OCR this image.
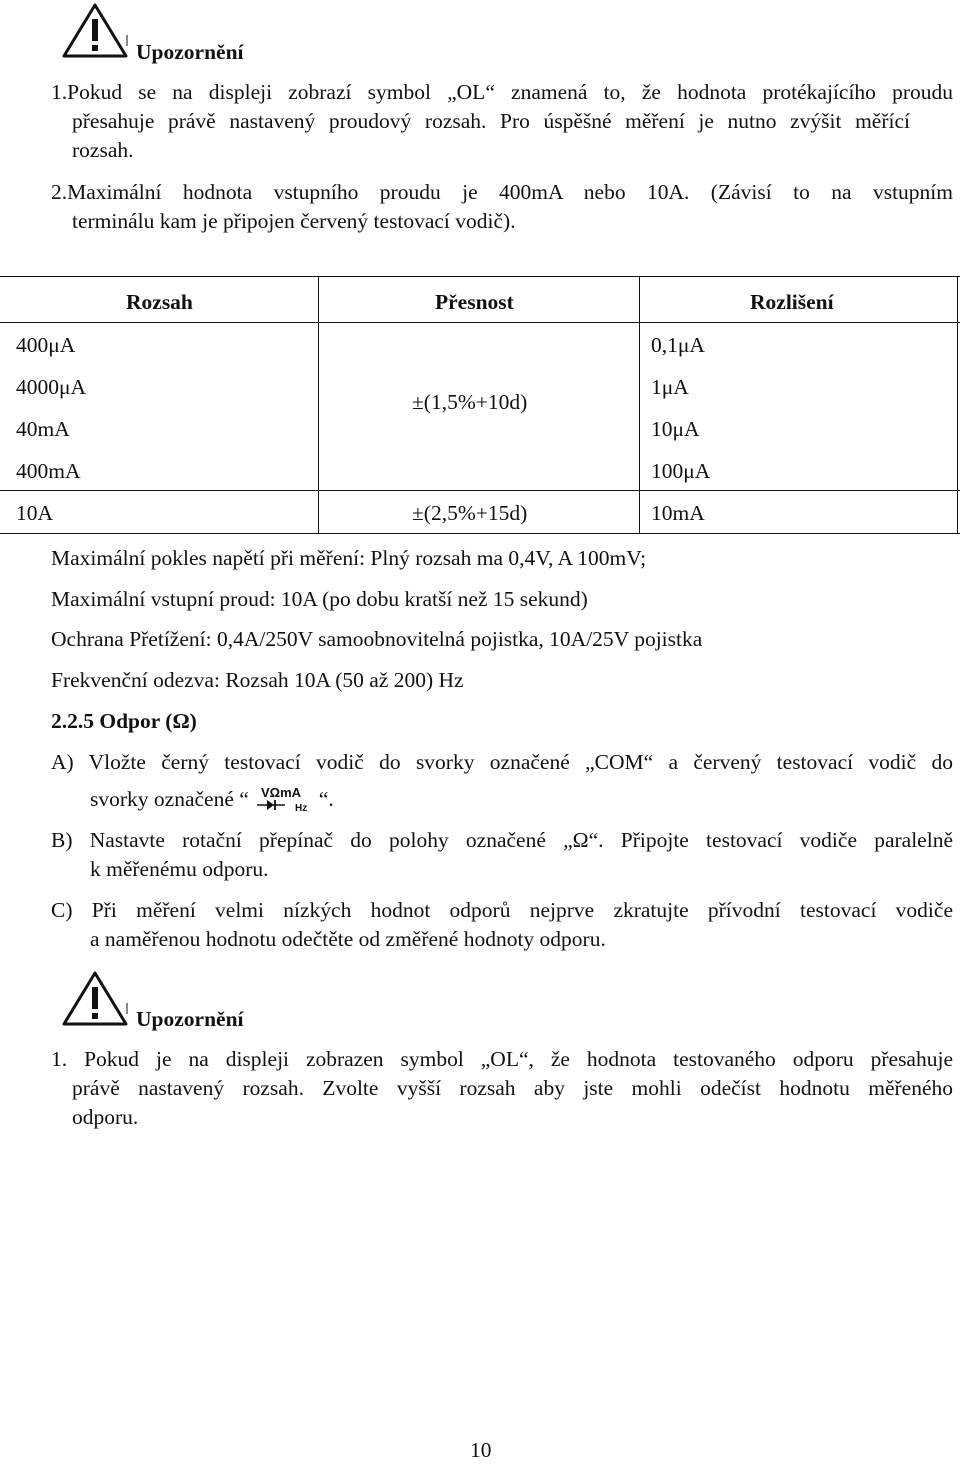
Upozornění
1.Pokud se na displeji zobrazí symbol „OL“ znamená to, že hodnota protékajícího proudu
přesahuje právě nastavený proudový rozsah. Pro úspěšné měření je nutno zvýšit měřící
rozsah.
2.Maximální hodnota vstupního proudu je 400mA nebo 10A. (Závisí to na vstupním
terminálu kam je připojen červený testovací vodič).
Rozsah	Přesnost	Rozlišení
400μA	0,1μA
4000μA	1μA
±(1,5%+10d)
40mA	10μA
400mA	100μA
10A	±(2,5%+15d)	10mA
Maximální pokles napětí při měření: Plný rozsah ma 0,4V, A 100mV;
Maximální vstupní proud: 10A (po dobu kratší než 15 sekund)
Ochrana Přetížení: 0,4A/250V samoobnovitelná pojistka, 10A/25V pojistka
Frekvenční odezva: Rozsah 10A (50 až 200) Hz
2.2.5 Odpor (Ω)
A) Vložte černý testovací vodič do svorky označené „COM“ a červený testovací vodič do
svorky označené “ VΩmA
Hz “.
B) Nastavte rotační přepínač do polohy označené „Ω“. Připojte testovací vodiče paralelně
k měřenému odporu.
C) Při měření velmi nízkých hodnot odporů nejprve zkratujte přívodní testovací vodiče
a naměřenou hodnotu odečtěte od změřené hodnoty odporu.
Upozornění
1. Pokud je na displeji zobrazen symbol „OL“, že hodnota testovaného odporu přesahuje
právě nastavený rozsah. Zvolte vyšší rozsah aby jste mohli odečíst hodnotu měřeného
odporu.
10
